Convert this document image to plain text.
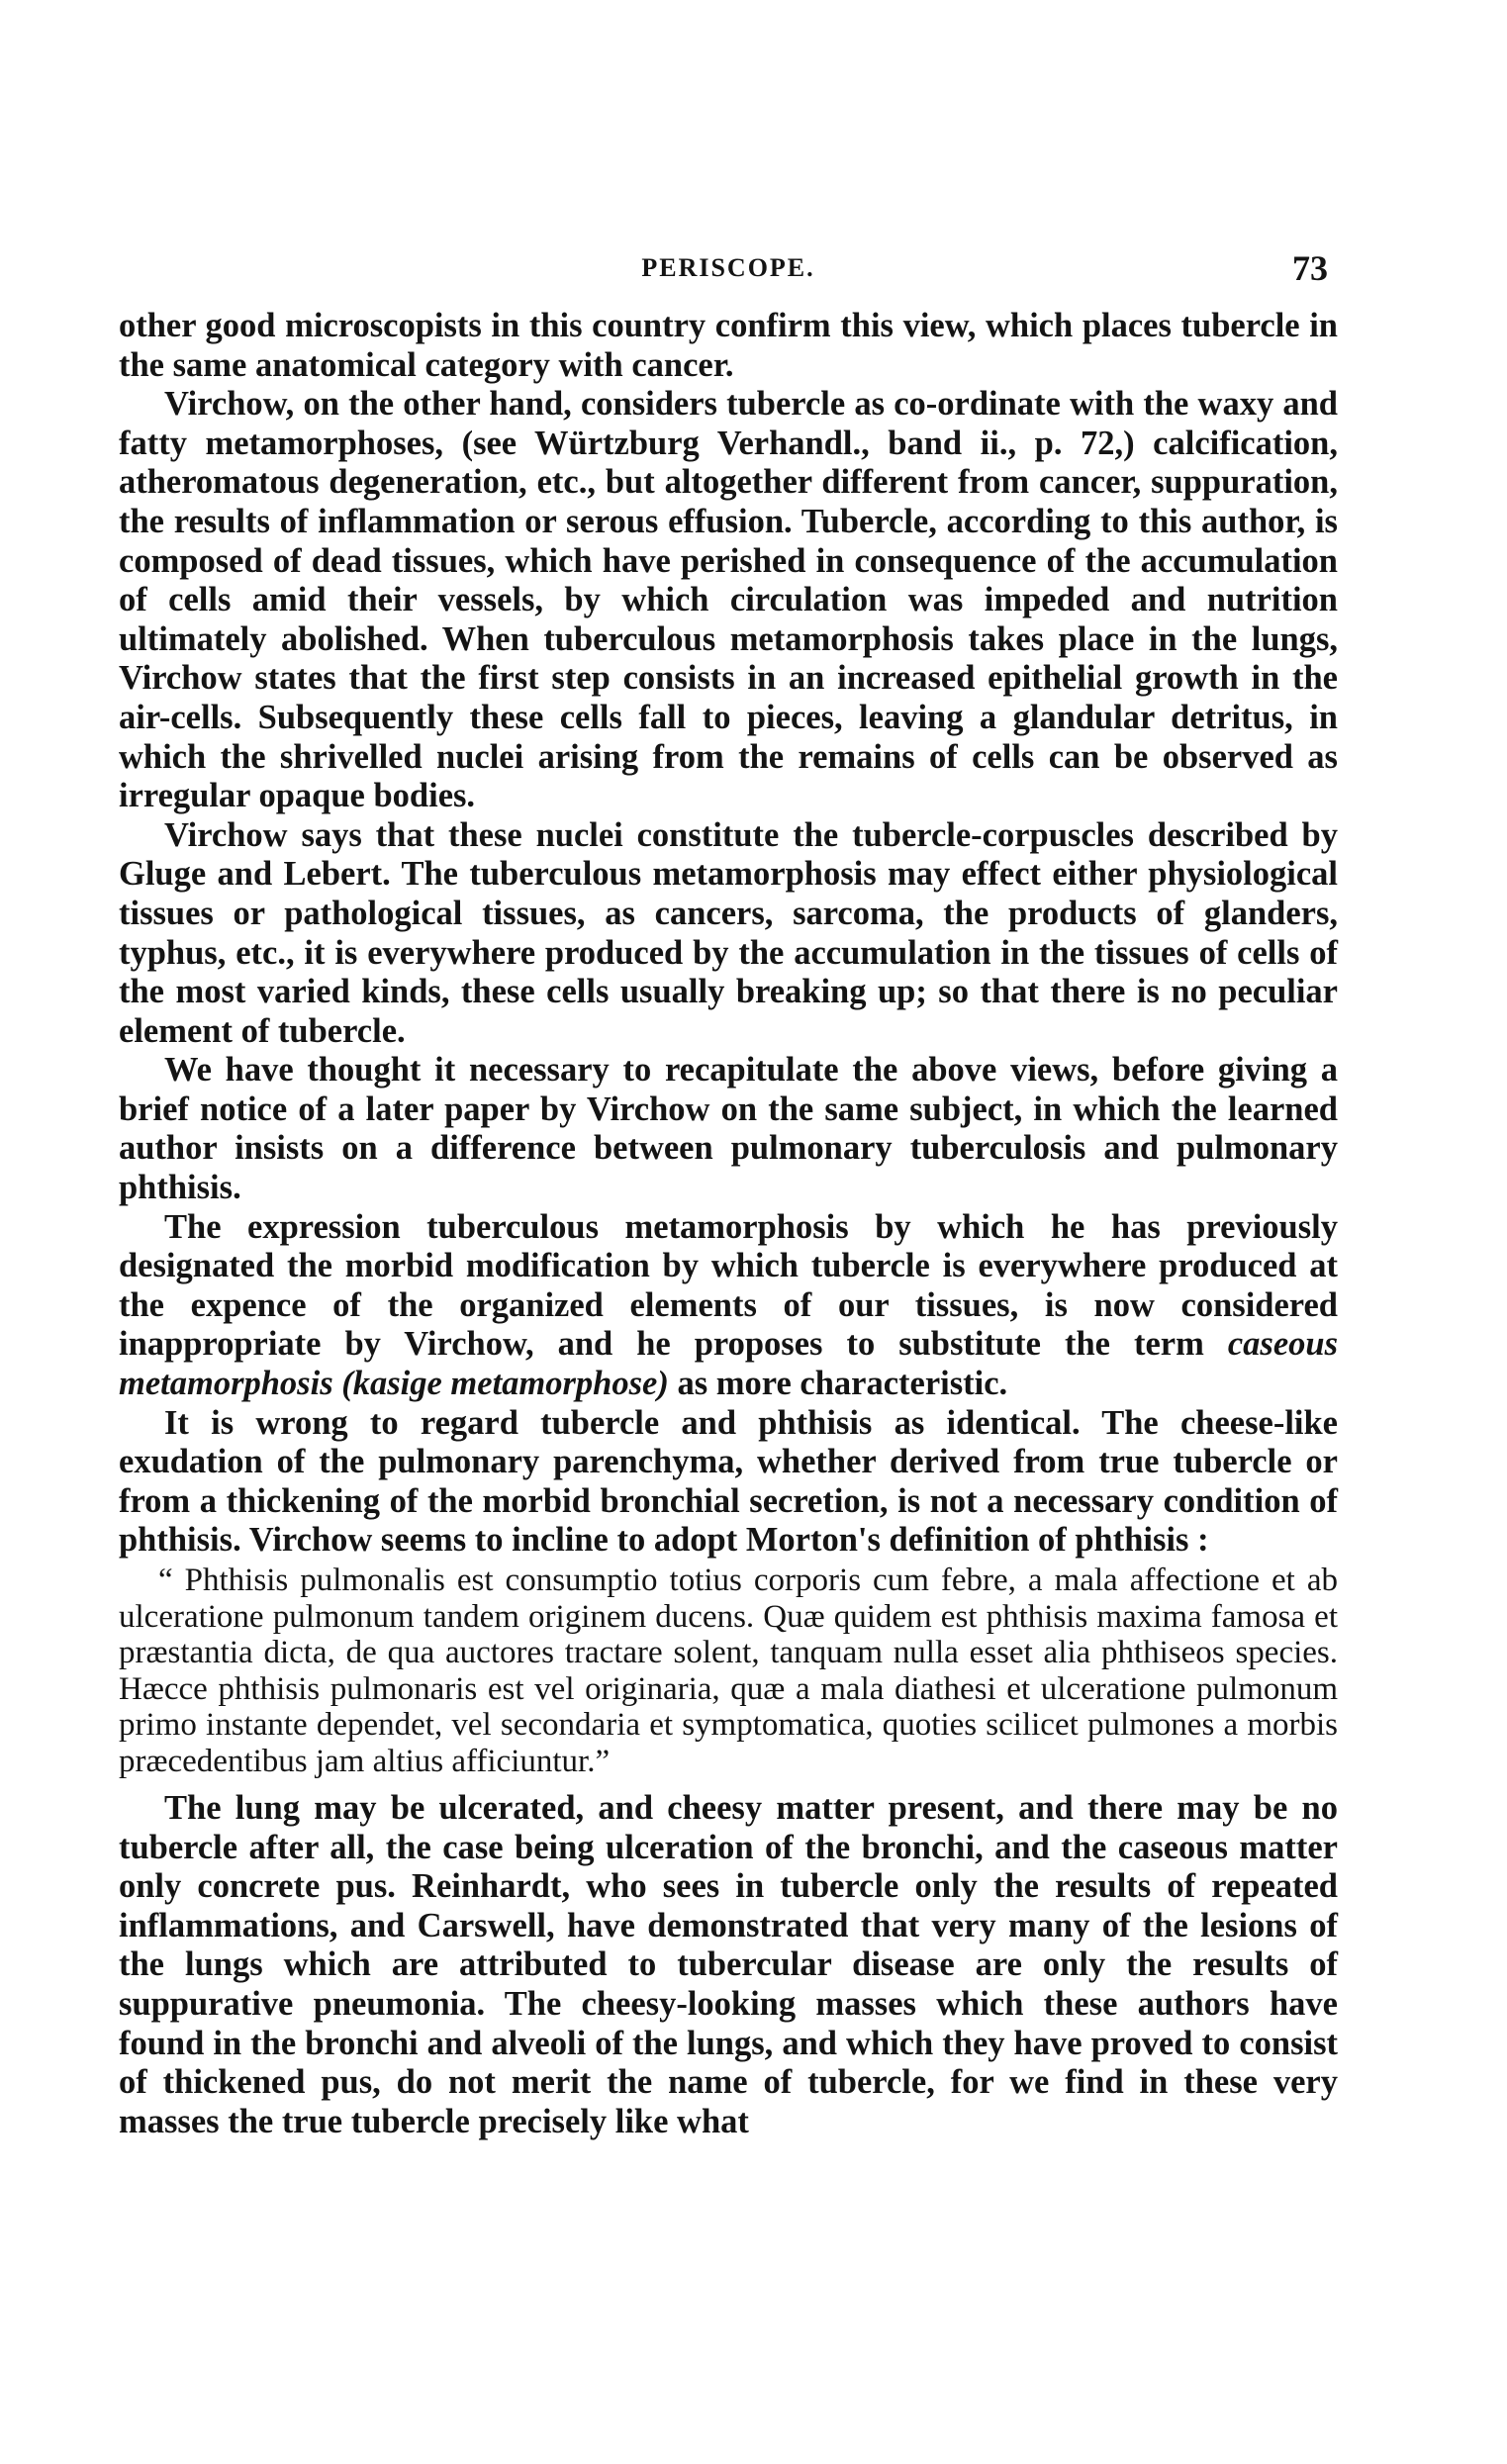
PERISCOPE.	73

other good microscopists in this country confirm this view, which places tubercle in the same anatomical category with cancer.

Virchow, on the other hand, considers tubercle as co-ordinate with the waxy and fatty metamorphoses, (see Würtzburg Verhandl., band ii., p. 72,) calcification, atheromatous degeneration, etc., but altogether different from cancer, suppuration, the results of inflammation or serous effusion. Tubercle, according to this author, is composed of dead tissues, which have perished in consequence of the accumulation of cells amid their vessels, by which circulation was impeded and nutrition ultimately abolished. When tuberculous metamorphosis takes place in the lungs, Virchow states that the first step consists in an increased epithelial growth in the air-cells. Subsequently these cells fall to pieces, leaving a glandular detritus, in which the shrivelled nuclei arising from the remains of cells can be observed as irregular opaque bodies.

Virchow says that these nuclei constitute the tubercle-corpuscles described by Gluge and Lebert. The tuberculous metamorphosis may effect either physiological tissues or pathological tissues, as cancers, sarcoma, the products of glanders, typhus, etc., it is everywhere produced by the accumulation in the tissues of cells of the most varied kinds, these cells usually breaking up; so that there is no peculiar element of tubercle.

We have thought it necessary to recapitulate the above views, before giving a brief notice of a later paper by Virchow on the same subject, in which the learned author insists on a difference between pulmonary tuberculosis and pulmonary phthisis.

The expression tuberculous metamorphosis by which he has previously designated the morbid modification by which tubercle is everywhere produced at the expence of the organized elements of our tissues, is now considered inappropriate by Virchow, and he proposes to substitute the term caseous metamorphosis (kasige metamorphose) as more characteristic.

It is wrong to regard tubercle and phthisis as identical. The cheese-like exudation of the pulmonary parenchyma, whether derived from true tubercle or from a thickening of the morbid bronchial secretion, is not a necessary condition of phthisis. Virchow seems to incline to adopt Morton's definition of phthisis :

“ Phthisis pulmonalis est consumptio totius corporis cum febre, a mala affectione et ab ulceratione pulmonum tandem originem ducens. Quæ quidem est phthisis maxima famosa et præstantia dicta, de qua auctores tractare solent, tanquam nulla esset alia phthiseos species. Hæcce phthisis pulmonaris est vel originaria, quæ a mala diathesi et ulceratione pulmonum primo instante dependet, vel secondaria et symptomatica, quoties scilicet pulmones a morbis præcedentibus jam altius afficiuntur.”

The lung may be ulcerated, and cheesy matter present, and there may be no tubercle after all, the case being ulceration of the bronchi, and the caseous matter only concrete pus. Reinhardt, who sees in tubercle only the results of repeated inflammations, and Carswell, have demonstrated that very many of the lesions of the lungs which are attributed to tubercular disease are only the results of suppurative pneumonia. The cheesy-looking masses which these authors have found in the bronchi and alveoli of the lungs, and which they have proved to consist of thickened pus, do not merit the name of tubercle, for we find in these very masses the true tubercle precisely like what
